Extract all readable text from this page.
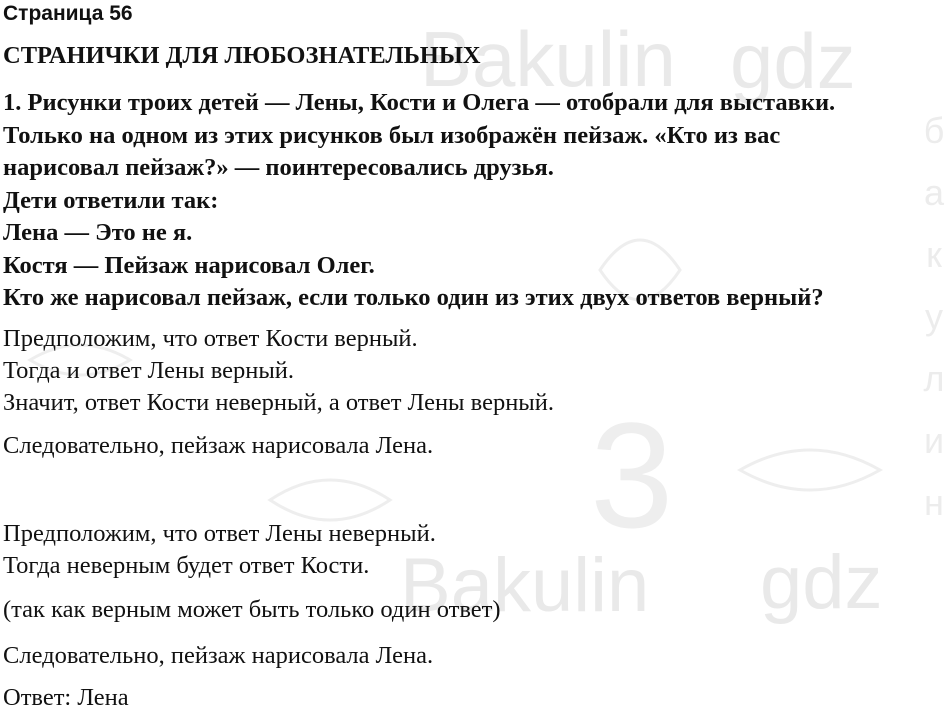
Bakulin gdz
Bakulin gdz
б
а
к
у
л
и
н
3
Страница 56
СТРАНИЧКИ ДЛЯ ЛЮБОЗНАТЕЛЬНЫХ
1. Рисунки троих детей — Лены, Кости и Олега — отобрали для выставки.
Только на одном из этих рисунков был изображён пейзаж. «Кто из вас
нарисовал пейзаж?» — поинтересовались друзья.
Дети ответили так:
Лена — Это не я.
Костя — Пейзаж нарисовал Олег.
Кто же нарисовал пейзаж, если только один из этих двух ответов верный?
Предположим, что ответ Кости верный.
Тогда и ответ Лены верный.
Значит, ответ Кости неверный, а ответ Лены верный.

Следовательно, пейзаж нарисовала Лена.

Предположим, что ответ Лены неверный.
Тогда неверным будет ответ Кости.

(так как верным может быть только один ответ)

Следовательно, пейзаж нарисовала Лена.

Ответ: Лена
